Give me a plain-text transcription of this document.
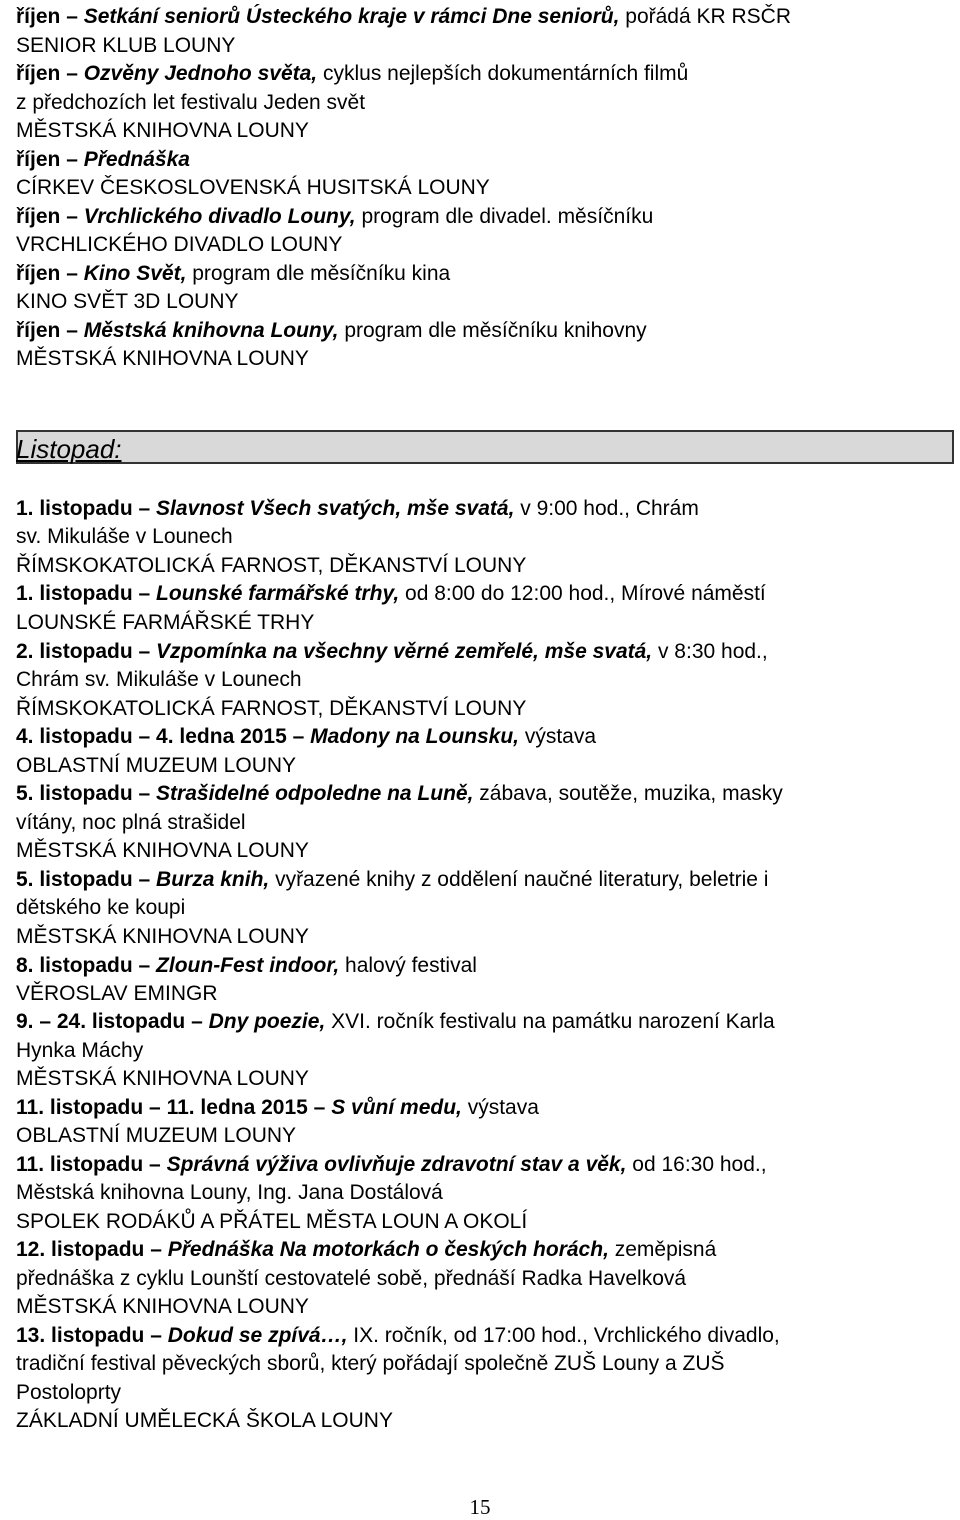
říjen – Setkání seniorů Ústeckého kraje v rámci Dne seniorů, pořádá KR RSČR
SENIOR KLUB LOUNY
říjen – Ozvěny Jednoho světa, cyklus nejlepších dokumentárních filmů
z předchozích let festivalu Jeden svět
MĚSTSKÁ KNIHOVNA LOUNY
říjen – Přednáška
CÍRKEV ČESKOSLOVENSKÁ HUSITSKÁ LOUNY
říjen – Vrchlického divadlo Louny, program dle divadel. měsíčníku
VRCHLICKÉHO DIVADLO LOUNY
říjen – Kino Svět, program dle měsíčníku kina
KINO SVĚT 3D LOUNY
říjen – Městská knihovna Louny, program dle měsíčníku knihovny
MĚSTSKÁ KNIHOVNA LOUNY
Listopad:
1. listopadu – Slavnost Všech svatých, mše svatá, v 9:00 hod., Chrám
sv. Mikuláše v Lounech
ŘÍMSKOKATOLICKÁ FARNOST, DĚKANSTVÍ LOUNY
1. listopadu – Lounské farmářské trhy, od 8:00 do 12:00 hod., Mírové náměstí
LOUNSKÉ FARMÁŘSKÉ TRHY
2. listopadu – Vzpomínka na všechny věrné zemřelé, mše svatá, v 8:30 hod.,
Chrám sv. Mikuláše v Lounech
ŘÍMSKOKATOLICKÁ FARNOST, DĚKANSTVÍ LOUNY
4. listopadu – 4. ledna 2015 – Madony na Lounsku, výstava
OBLASTNÍ MUZEUM LOUNY
5. listopadu – Strašidelné odpoledne na Luně, zábava, soutěže, muzika, masky
vítány, noc plná strašidel
MĚSTSKÁ KNIHOVNA LOUNY
5. listopadu – Burza knih, vyřazené knihy z oddělení naučné literatury, beletrie i
dětského ke koupi
MĚSTSKÁ KNIHOVNA LOUNY
8. listopadu – Zloun-Fest indoor, halový festival
VĚROSLAV EMINGR
9. – 24. listopadu – Dny poezie, XVI. ročník festivalu na památku narození Karla
Hynka Máchy
MĚSTSKÁ KNIHOVNA LOUNY
11. listopadu – 11. ledna 2015 – S vůní medu, výstava
OBLASTNÍ MUZEUM LOUNY
11. listopadu – Správná výživa ovlivňuje zdravotní stav a věk, od 16:30 hod.,
Městská knihovna Louny, Ing. Jana Dostálová
SPOLEK RODÁKŮ A PŘÁTEL MĚSTA LOUN A OKOLÍ
12. listopadu – Přednáška Na motorkách o českých horách, zeměpisná
přednáška z cyklu Lounští cestovatelé sobě, přednáší Radka Havelková
MĚSTSKÁ KNIHOVNA LOUNY
13. listopadu – Dokud se zpívá…, IX. ročník, od 17:00 hod., Vrchlického divadlo,
tradiční festival pěveckých sborů, který pořádají společně ZUŠ Louny a ZUŠ
Postoloprty
ZÁKLADNÍ UMĚLECKÁ ŠKOLA LOUNY
15
